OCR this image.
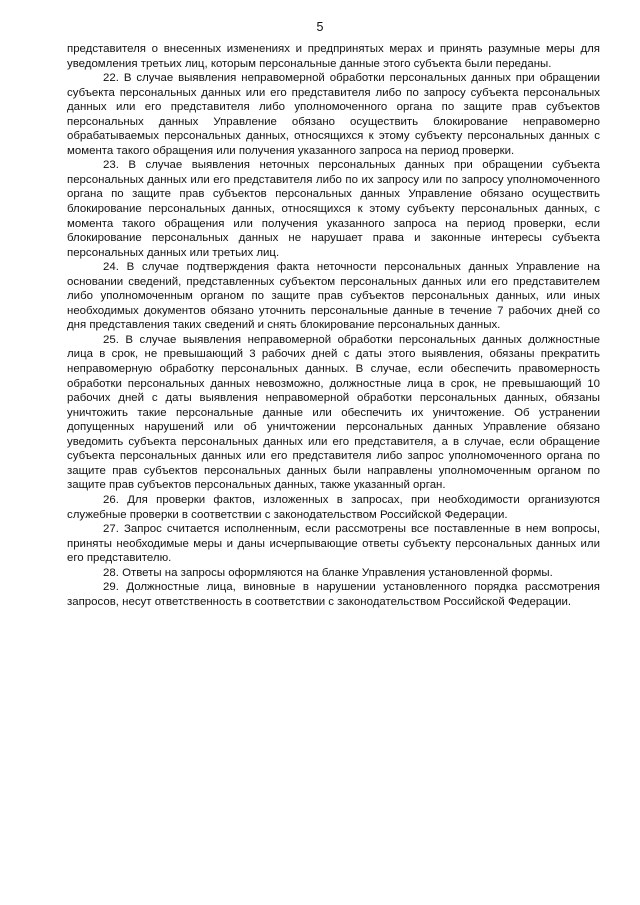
5

представителя о внесенных изменениях и предпринятых мерах и принять разумные меры для уведомления третьих лиц, которым персональные данные этого субъекта были переданы.

22. В случае выявления неправомерной обработки персональных данных при обращении субъекта персональных данных или его представителя либо по запросу субъекта персональных данных или его представителя либо уполномоченного органа по защите прав субъектов персональных данных Управление обязано осуществить блокирование неправомерно обрабатываемых персональных данных, относящихся к этому субъекту персональных данных с момента такого обращения или получения указанного запроса на период проверки.

23. В случае выявления неточных персональных данных при обращении субъекта персональных данных или его представителя либо по их запросу или по запросу уполномоченного органа по защите прав субъектов персональных данных Управление обязано осуществить блокирование персональных данных, относящихся к этому субъекту персональных данных, с момента такого обращения или получения указанного запроса на период проверки, если блокирование персональных данных не нарушает права и законные интересы субъекта персональных данных или третьих лиц.

24. В случае подтверждения факта неточности персональных данных Управление на основании сведений, представленных субъектом персональных данных или его представителем либо уполномоченным органом по защите прав субъектов персональных данных, или иных необходимых документов обязано уточнить персональные данные в течение 7 рабочих дней со дня представления таких сведений и снять блокирование персональных данных.

25. В случае выявления неправомерной обработки персональных данных должностные лица в срок, не превышающий 3 рабочих дней с даты этого выявления, обязаны прекратить неправомерную обработку персональных данных. В случае, если обеспечить правомерность обработки персональных данных невозможно, должностные лица в срок, не превышающий 10 рабочих дней с даты выявления неправомерной обработки персональных данных, обязаны уничтожить такие персональные данные или обеспечить их уничтожение. Об устранении допущенных нарушений или об уничтожении персональных данных Управление обязано уведомить субъекта персональных данных или его представителя, а в случае, если обращение субъекта персональных данных или его представителя либо запрос уполномоченного органа по защите прав субъектов персональных данных были направлены уполномоченным органом по защите прав субъектов персональных данных, также указанный орган.

26. Для проверки фактов, изложенных в запросах, при необходимости организуются служебные проверки в соответствии с законодательством Российской Федерации.

27. Запрос считается исполненным, если рассмотрены все поставленные в нем вопросы, приняты необходимые меры и даны исчерпывающие ответы субъекту персональных данных или его представителю.

28. Ответы на запросы оформляются на бланке Управления установленной формы.

29. Должностные лица, виновные в нарушении установленного порядка рассмотрения запросов, несут ответственность в соответствии с законодательством Российской Федерации.
